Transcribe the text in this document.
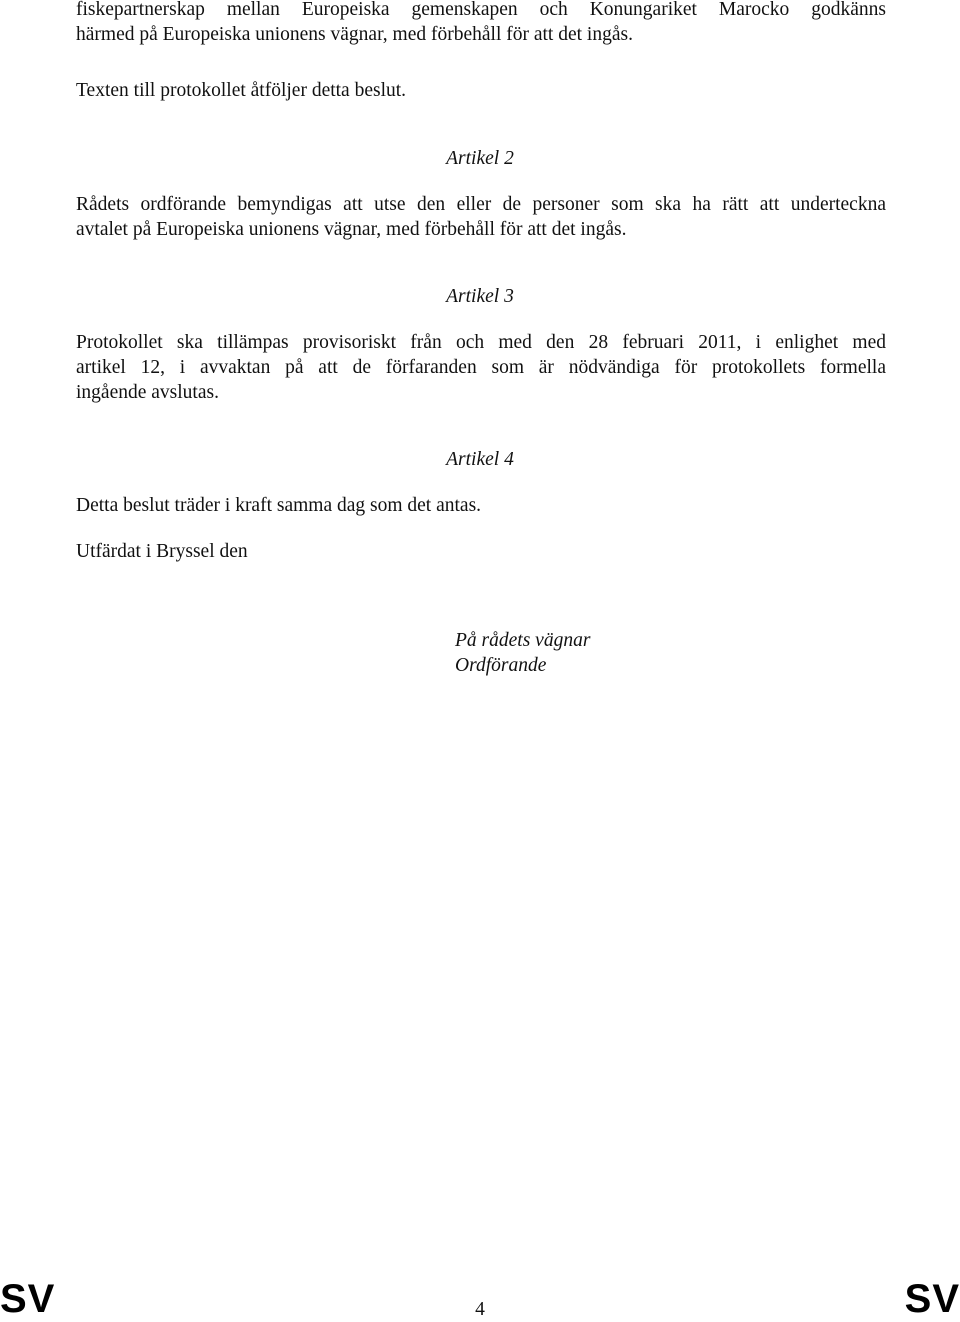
fiskepartnerskap mellan Europeiska gemenskapen och Konungariket Marocko godkänns
härmed på Europeiska unionens vägnar, med förbehåll för att det ingås.

Texten till protokollet åtföljer detta beslut.

Artikel 2

Rådets ordförande bemyndigas att utse den eller de personer som ska ha rätt att underteckna
avtalet på Europeiska unionens vägnar, med förbehåll för att det ingås.

Artikel 3

Protokollet ska tillämpas provisoriskt från och med den 28 februari 2011, i enlighet med
artikel 12, i avvaktan på att de förfaranden som är nödvändiga för protokollets formella
ingående avslutas.

Artikel 4

Detta beslut träder i kraft samma dag som det antas.

Utfärdat i Bryssel den

På rådets vägnar

Ordförande

SV	4	SV
